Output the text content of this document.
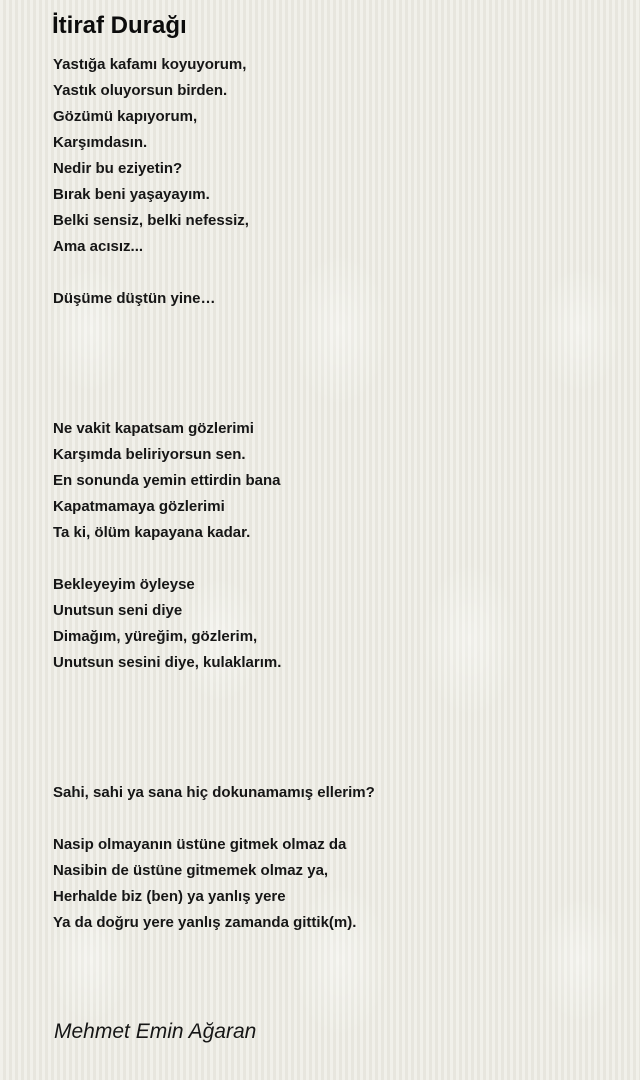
İtiraf Durağı
Yastığa kafamı koyuyorum,
Yastık oluyorsun birden.
Gözümü kapıyorum,
Karşımdasın.
Nedir bu eziyetin?
Bırak beni yaşayayım.
Belki sensiz, belki nefessiz,
Ama acısız...
Düşüme düştün yine…
Ne vakit kapatsam gözlerimi
Karşımda beliriyorsun sen.
En sonunda yemin ettirdin bana
Kapatmamaya gözlerimi
Ta ki, ölüm kapayana kadar.
Bekleyeyim öyleyse
Unutsun seni diye
Dimağım, yüreğim, gözlerim,
Unutsun sesini diye, kulaklarım.
Sahi, sahi ya sana hiç dokunamamış ellerim?
Nasip olmayanın üstüne gitmek olmaz da
Nasibin de üstüne gitmemek olmaz ya,
Herhalde biz (ben) ya yanlış yere
Ya da doğru yere yanlış zamanda gittik(m).
Mehmet Emin Ağaran
